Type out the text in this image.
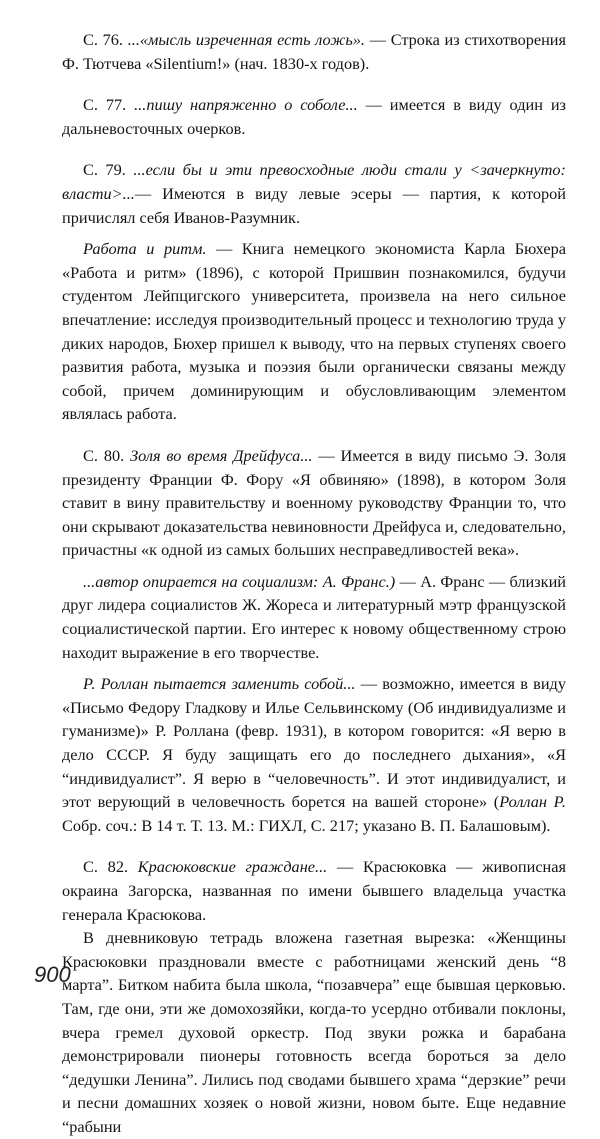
С. 76. ...«мысль изреченная есть ложь». — Строка из стихотворения Ф. Тютчева «Silentium!» (нач. 1830-х годов).

С. 77. ...пишу напряженно о соболе... — имеется в виду один из дальневосточных очерков.

С. 79. ...если бы и эти превосходные люди стали у <зачеркнуто: власти>...— Имеются в виду левые эсеры — партия, к которой причислял себя Иванов-Разумник.

Работа и ритм. — Книга немецкого экономиста Карла Бюхера «Работа и ритм» (1896), с которой Пришвин познакомился, будучи студентом Лейпцигского университета, произвела на него сильное впечатление: исследуя производительный процесс и технологию труда у диких народов, Бюхер пришел к выводу, что на первых ступенях своего развития работа, музыка и поэзия были органически связаны между собой, причем доминирующим и обусловливающим элементом являлась работа.

С. 80. Золя во время Дрейфуса... — Имеется в виду письмо Э. Золя президенту Франции Ф. Фору «Я обвиняю» (1898), в котором Золя ставит в вину правительству и военному руководству Франции то, что они скрывают доказательства невиновности Дрейфуса и, следовательно, причастны «к одной из самых больших несправедливостей века».

...автор опирается на социализм: А. Франс.) — А. Франс — близкий друг лидера социалистов Ж. Жореса и литературный мэтр французской социалистической партии. Его интерес к новому общественному строю находит выражение в его творчестве.

Р. Роллан пытается заменить собой... — возможно, имеется в виду «Письмо Федору Гладкову и Илье Сельвинскому (Об индивидуализме и гуманизме)» Р. Роллана (февр. 1931), в котором говорится: «Я верю в дело СССР. Я буду защищать его до последнего дыхания», «Я “индивидуалист”. Я верю в “человечность”. И этот индивидуалист, и этот верующий в человечность борется на вашей стороне» (Роллан Р. Собр. соч.: В 14 т. Т. 13. М.: ГИХЛ, С. 217; указано В. П. Балашовым).

С. 82. Красюковские граждане... — Красюковка — живописная окраина Загорска, названная по имени бывшего владельца участка генерала Красюкова.

В дневниковую тетрадь вложена газетная вырезка: «Женщины Красюковки праздновали вместе с работницами женский день “8 марта”. Битком набита была школа, “позавчера” еще бывшая церковью. Там, где они, эти же домохозяйки, когда-то усердно отбивали поклоны, вчера гремел духовой оркестр. Под звуки рожка и барабана демонстрировали пионеры готовность всегда бороться за дело “дедушки Ленина”. Лились под сводами бывшего храма “дерзкие” речи и песни домашних хозяек о новой жизни, новом быте. Еще недавние “рабыни

900
